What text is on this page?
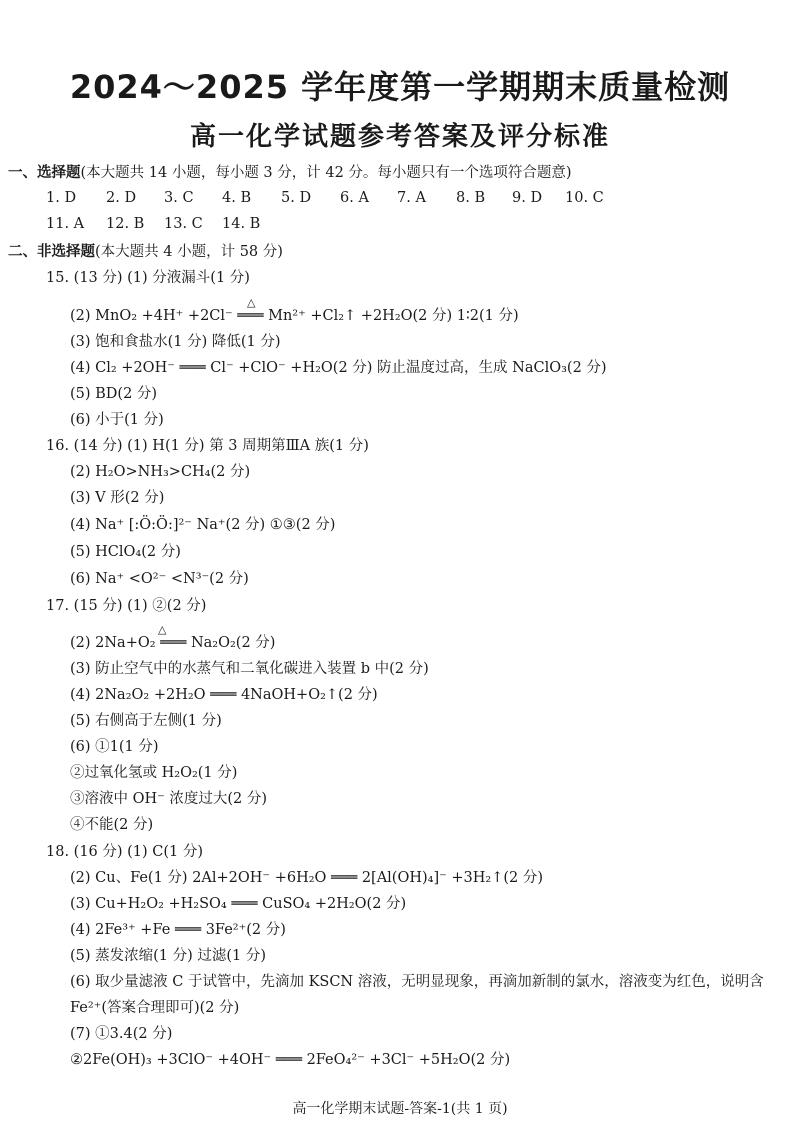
2024～2025 学年度第一学期期末质量检测
高一化学试题参考答案及评分标准
一、选择题(本大题共 14 小题，每小题 3 分，计 42 分。每小题只有一个选项符合题意)
1. D 2. D 3. C 4. B 5. D 6. A 7. A 8. B 9. D 10. C
11. A 12. B 13. C 14. B
二、非选择题(本大题共 4 小题，计 58 分)
15. (13 分) (1) 分液漏斗(1 分)
△
(2) MnO₂ +4H⁺ +2Cl⁻ ═══ Mn²⁺ +Cl₂↑ +2H₂O(2 分) 1∶2(1 分)
(3) 饱和食盐水(1 分) 降低(1 分)
(4) Cl₂ +2OH⁻ ═══ Cl⁻ +ClO⁻ +H₂O(2 分) 防止温度过高，生成 NaClO₃(2 分)
(5) BD(2 分)
(6) 小于(1 分)
16. (14 分) (1) H(1 分) 第 3 周期第ⅢA 族(1 分)
(2) H₂O>NH₃>CH₄(2 分)
(3) V 形(2 分)
(4) Na⁺ [:Ö:Ö:]²⁻ Na⁺(2 分) ①③(2 分)
(5) HClO₄(2 分)
(6) Na⁺ <O²⁻ <N³⁻(2 分)
17. (15 分) (1) ②(2 分)
△
(2) 2Na+O₂ ═══ Na₂O₂(2 分)
(3) 防止空气中的水蒸气和二氧化碳进入装置 b 中(2 分)
(4) 2Na₂O₂ +2H₂O ═══ 4NaOH+O₂↑(2 分)
(5) 右侧高于左侧(1 分)
(6) ①1(1 分)
②过氧化氢或 H₂O₂(1 分)
③溶液中 OH⁻ 浓度过大(2 分)
④不能(2 分)
18. (16 分) (1) C(1 分)
(2) Cu、Fe(1 分) 2Al+2OH⁻ +6H₂O ═══ 2[Al(OH)₄]⁻ +3H₂↑(2 分)
(3) Cu+H₂O₂ +H₂SO₄ ═══ CuSO₄ +2H₂O(2 分)
(4) 2Fe³⁺ +Fe ═══ 3Fe²⁺(2 分)
(5) 蒸发浓缩(1 分) 过滤(1 分)
(6) 取少量滤液 C 于试管中，先滴加 KSCN 溶液，无明显现象，再滴加新制的氯水，溶液变为红色，说明含
Fe²⁺(答案合理即可)(2 分)
(7) ①3.4(2 分)
②2Fe(OH)₃ +3ClO⁻ +4OH⁻ ═══ 2FeO₄²⁻ +3Cl⁻ +5H₂O(2 分)
高一化学期末试题-答案-1(共 1 页)
